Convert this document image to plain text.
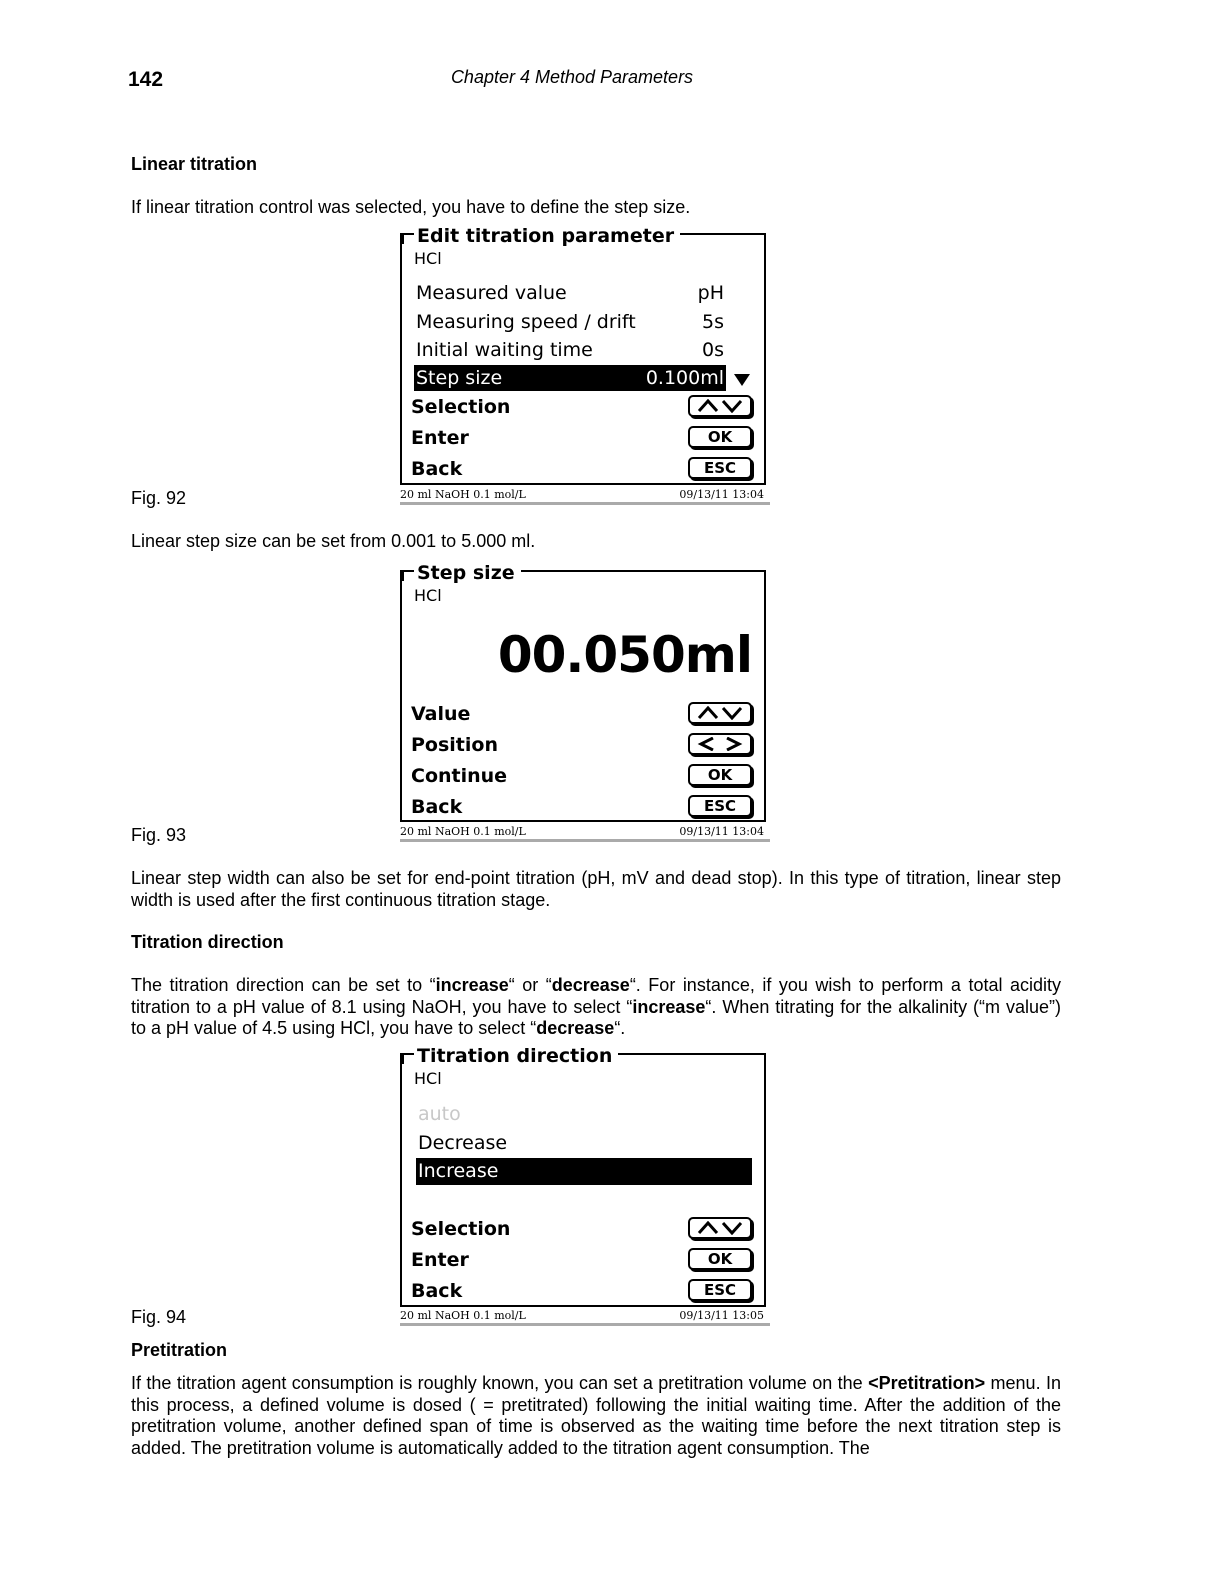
142	Chapter 4 Method Parameters
Linear titration
If linear titration control was selected, you have to define the step size.
Edit titration parameter
HCl
Measured value	pH
Measuring speed / drift	5s
Initial waiting time	0s
Step size	0.100ml
Selection
Enter	OK
Back	ESC
20 ml NaOH 0.1 mol/L	09/13/11 13:04
Fig. 92
Linear step size can be set from 0.001 to 5.000 ml.
Step size
HCl
00.050ml
Value
Position
Continue	OK
Back	ESC
20 ml NaOH 0.1 mol/L	09/13/11 13:04
Fig. 93
Linear step width can also be set for end-point titration (pH, mV and dead stop). In this type of titration, linear step width is used after the first continuous titration stage.
Titration direction
The titration direction can be set to “increase“ or “decrease“. For instance, if you wish to perform a total acidity titration to a pH value of 8.1 using NaOH, you have to select “increase“. When titrating for the alkalinity (“m value”) to a pH value of 4.5 using HCl, you have to select “decrease“.
Titration direction
HCl
auto
Decrease
Increase
Selection
Enter	OK
Back	ESC
20 ml NaOH 0.1 mol/L	09/13/11 13:05
Fig. 94
Pretitration
If the titration agent consumption is roughly known, you can set a pretitration volume on the <Pretitration> menu. In this process, a defined volume is dosed ( = pretitrated) following the initial waiting time. After the addition of the pretitration volume, another defined span of time is observed as the waiting time before the next titration step is added. The pretitration volume is automatically added to the titration agent consumption. The
